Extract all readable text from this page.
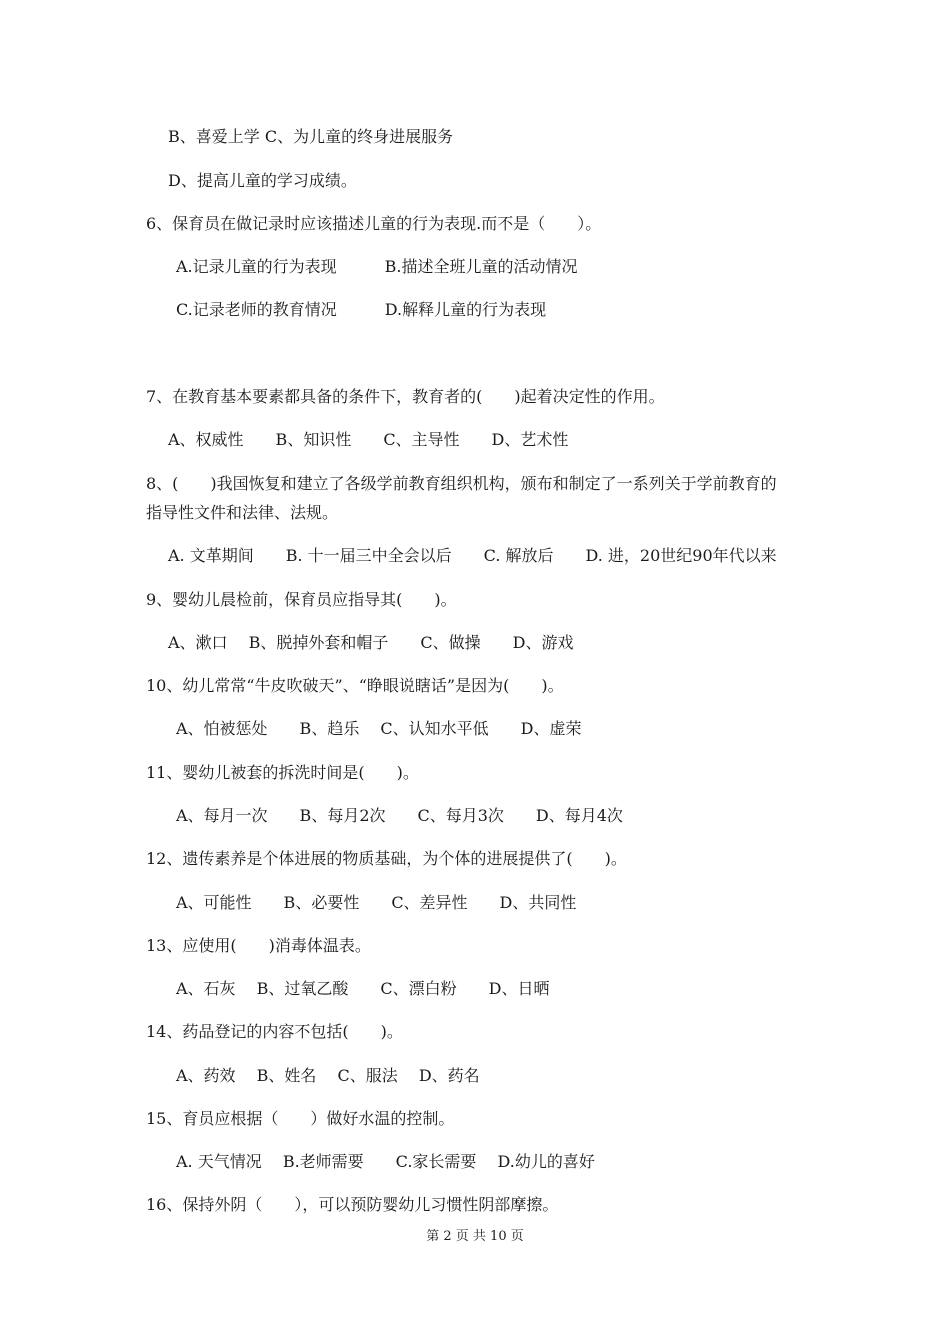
B、喜爱上学 C、为儿童的终身进展服务
D、提高儿童的学习成绩。
6、保育员在做记录时应该描述儿童的行为表现.而不是（　　）。
A.记录儿童的行为表现　　　B.描述全班儿童的活动情况
C.记录老师的教育情况　　　D.解释儿童的行为表现
7、在教育基本要素都具备的条件下，教育者的(　　)起着决定性的作用。
A、权威性　　B、知识性　　C、主导性　　D、艺术性
8、(　　)我国恢复和建立了各级学前教育组织机构，颁布和制定了一系列关于学前教育的
指导性文件和法律、法规。
A. 文革期间　　B. 十一届三中全会以后　　C. 解放后　　D. 进，20世纪90年代以来
9、婴幼儿晨检前，保育员应指导其(　　)。
A、漱口　 B、脱掉外套和帽子　　C、做操　　D、游戏
10、幼儿常常“牛皮吹破天”、“睁眼说瞎话”是因为(　　)。
A、怕被惩处　　B、趋乐　 C、认知水平低　　D、虚荣
11、婴幼儿被套的拆洗时间是(　　)。
A、每月一次　　B、每月2次　　C、每月3次　　D、每月4次
12、遗传素养是个体进展的物质基础，为个体的进展提供了(　　)。
A、可能性　　B、必要性　　C、差异性　　D、共同性
13、应使用(　　)消毒体温表。
A、石灰　 B、过氧乙酸　　C、漂白粉　　D、日晒
14、药品登记的内容不包括(　　)。
A、药效　 B、姓名　 C、服法　 D、药名
15、育员应根据（　　）做好水温的控制。
A. 天气情况　 B.老师需要　　C.家长需要　 D.幼儿的喜好
16、保持外阴（　　），可以预防婴幼儿习惯性阴部摩擦。
第 2 页 共 10 页
